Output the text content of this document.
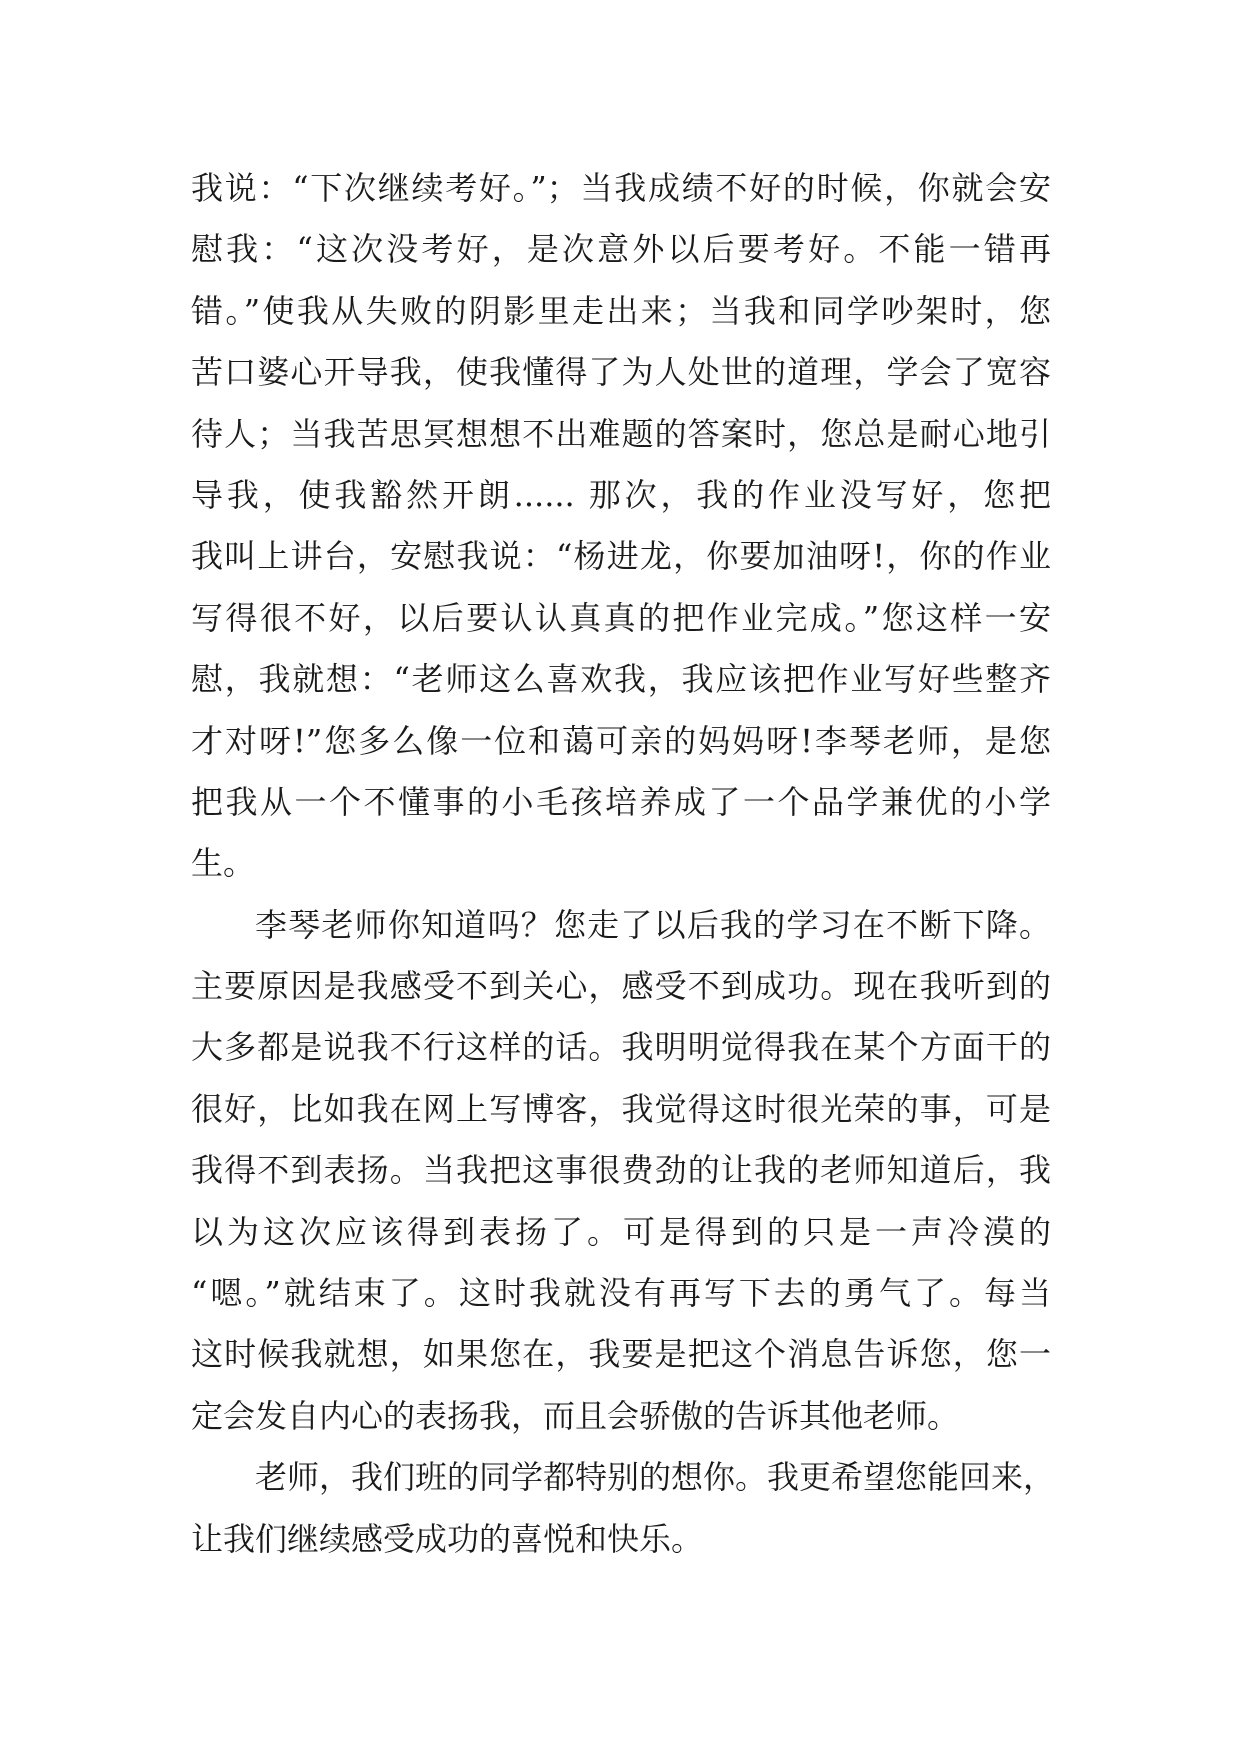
我说：“下次继续考好。”；当我成绩不好的时候，你就会安
慰我：“这次没考好，是次意外以后要考好。不能一错再
错。”使我从失败的阴影里走出来；当我和同学吵架时，您
苦口婆心开导我，使我懂得了为人处世的道理，学会了宽容
待人；当我苦思冥想想不出难题的答案时，您总是耐心地引
导我，使我豁然开朗...... 那次，我的作业没写好，您把
我叫上讲台，安慰我说：“杨进龙，你要加油呀!，你的作业
写得很不好，以后要认认真真的把作业完成。”您这样一安
慰，我就想：“老师这么喜欢我，我应该把作业写好些整齐
才对呀!”您多么像一位和蔼可亲的妈妈呀!李琴老师，是您
把我从一个不懂事的小毛孩培养成了一个品学兼优的小学
生。
李琴老师你知道吗？您走了以后我的学习在不断下降。
主要原因是我感受不到关心，感受不到成功。现在我听到的
大多都是说我不行这样的话。我明明觉得我在某个方面干的
很好，比如我在网上写博客，我觉得这时很光荣的事，可是
我得不到表扬。当我把这事很费劲的让我的老师知道后，我
以为这次应该得到表扬了。可是得到的只是一声冷漠的
“嗯。”就结束了。这时我就没有再写下去的勇气了。每当
这时候我就想，如果您在，我要是把这个消息告诉您，您一
定会发自内心的表扬我，而且会骄傲的告诉其他老师。
老师，我们班的同学都特别的想你。我更希望您能回来，
让我们继续感受成功的喜悦和快乐。
